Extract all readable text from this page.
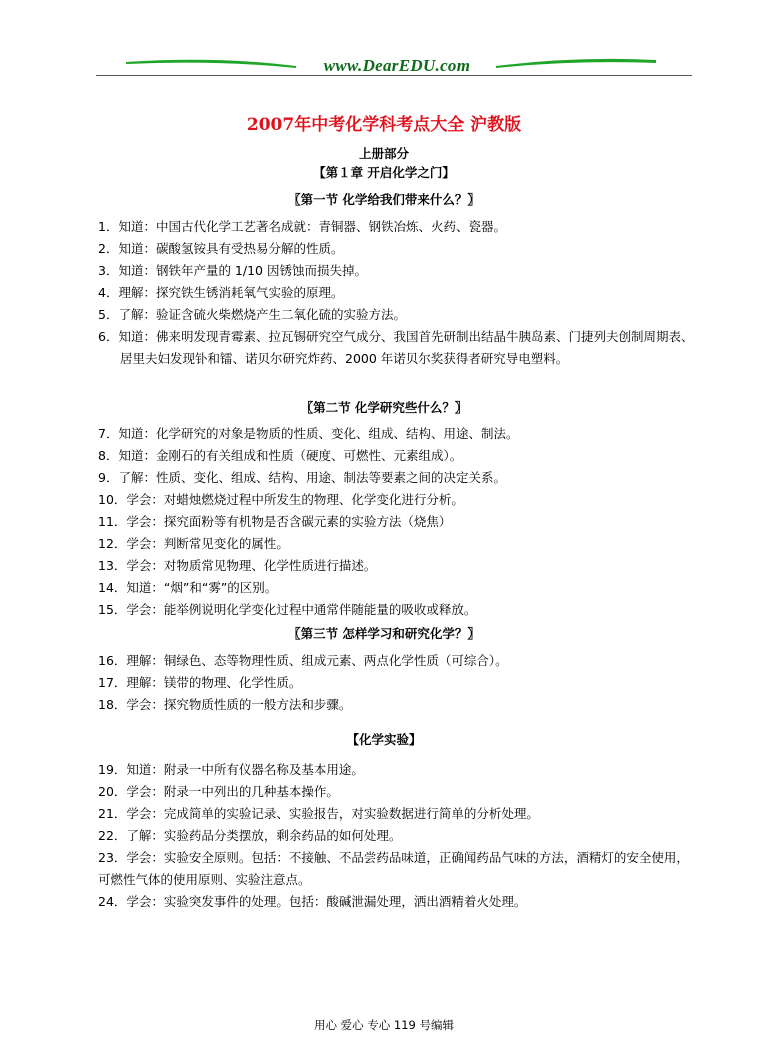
www.DearEDU.com
2007年中考化学科考点大全 沪教版
上册部分
【第１章 开启化学之门】
〖第一节 化学给我们带来什么？〗
1．知道：中国古代化学工艺著名成就：青铜器、钢铁冶炼、火药、瓷器。
2．知道：碳酸氢铵具有受热易分解的性质。
3．知道：钢铁年产量的 1/10 因锈蚀而损失掉。
4．理解：探究铁生锈消耗氧气实验的原理。
5．了解：验证含硫火柴燃烧产生二氧化硫的实验方法。
6．知道：佛来明发现青霉素、拉瓦锡研究空气成分、我国首先研制出结晶牛胰岛素、门捷列夫创制周期表、居里夫妇发现钋和镭、诺贝尔研究炸药、2000 年诺贝尔奖获得者研究导电塑料。
〖第二节 化学研究些什么？〗
7．知道：化学研究的对象是物质的性质、变化、组成、结构、用途、制法。
8．知道：金刚石的有关组成和性质（硬度、可燃性、元素组成）。
9．了解：性质、变化、组成、结构、用途、制法等要素之间的决定关系。
10．学会：对蜡烛燃烧过程中所发生的物理、化学变化进行分析。
11．学会：探究面粉等有机物是否含碳元素的实验方法（烧焦）
12．学会：判断常见变化的属性。
13．学会：对物质常见物理、化学性质进行描述。
14．知道：“烟”和“雾”的区别。
15．学会：能举例说明化学变化过程中通常伴随能量的吸收或释放。
〖第三节 怎样学习和研究化学？〗
16．理解：铜绿色、态等物理性质、组成元素、两点化学性质（可综合）。
17．理解：镁带的物理、化学性质。
18．学会：探究物质性质的一般方法和步骤。
【化学实验】
19．知道：附录一中所有仪器名称及基本用途。
20．学会：附录一中列出的几种基本操作。
21．学会：完成简单的实验记录、实验报告，对实验数据进行简单的分析处理。
22．了解：实验药品分类摆放，剩余药品的如何处理。
23．学会：实验安全原则。包括：不接触、不品尝药品味道，正确闻药品气味的方法，酒精灯的安全使用，可燃性气体的使用原则、实验注意点。
24．学会：实验突发事件的处理。包括：酸碱泄漏处理，洒出酒精着火处理。
用心 爱心 专心 119 号编辑
